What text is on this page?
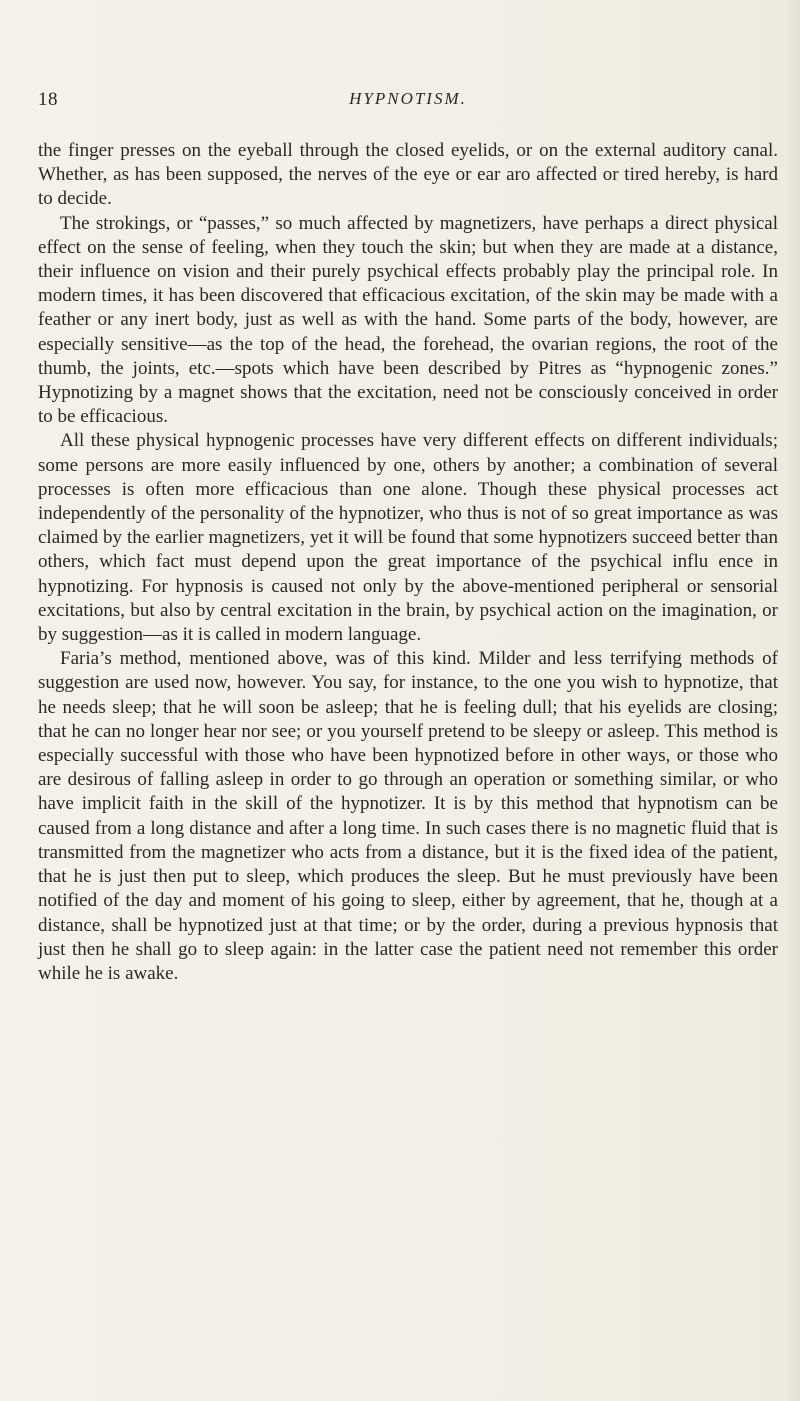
18	HYPNOTISM.

the finger presses on the eyeball through the closed eyelids, or on the external auditory canal. Whether, as has been supposed, the nerves of the eye or ear aro affected or tired hereby, is hard to decide.

The strokings, or “passes,” so much affected by magnetizers, have perhaps a direct physical effect on the sense of feeling, when they touch the skin; but when they are made at a distance, their influence on vision and their purely psychical effects probably play the principal role. In modern times, it has been discovered that efficacious excitation, of the skin may be made with a feather or any inert body, just as well as with the hand. Some parts of the body, however, are especially sensitive—as the top of the head, the forehead, the ovarian regions, the root of the thumb, the joints, etc.—spots which have been described by Pitres as “hypnogenic zones.” Hypnotizing by a magnet shows that the excitation, need not be consciously conceived in order to be efficacious.

All these physical hypnogenic processes have very different effects on different individuals; some persons are more easily influenced by one, others by another; a combination of several processes is often more efficacious than one alone. Though these physical processes act independently of the personality of the hypnotizer, who thus is not of so great importance as was claimed by the earlier magnetizers, yet it will be found that some hypnotizers succeed better than others, which fact must depend upon the great importance of the psychical influ ence in hypnotizing. For hypnosis is caused not only by the above-mentioned peripheral or sensorial excitations, but also by central excitation in the brain, by psychical action on the imagination, or by suggestion—as it is called in modern language.

Faria’s method, mentioned above, was of this kind. Milder and less terrifying methods of suggestion are used now, however. You say, for instance, to the one you wish to hypnotize, that he needs sleep; that he will soon be asleep; that he is feeling dull; that his eyelids are closing; that he can no longer hear nor see; or you yourself pretend to be sleepy or asleep. This method is especially successful with those who have been hypnotized before in other ways, or those who are desirous of falling asleep in order to go through an operation or something similar, or who have implicit faith in the skill of the hypnotizer. It is by this method that hypnotism can be caused from a long distance and after a long time. In such cases there is no magnetic fluid that is transmitted from the magnetizer who acts from a distance, but it is the fixed idea of the patient, that he is just then put to sleep, which produces the sleep. But he must previously have been notified of the day and moment of his going to sleep, either by agreement, that he, though at a distance, shall be hypnotized just at that time; or by the order, during a previous hypnosis that just then he shall go to sleep again: in the latter case the patient need not remember this order while he is awake.
